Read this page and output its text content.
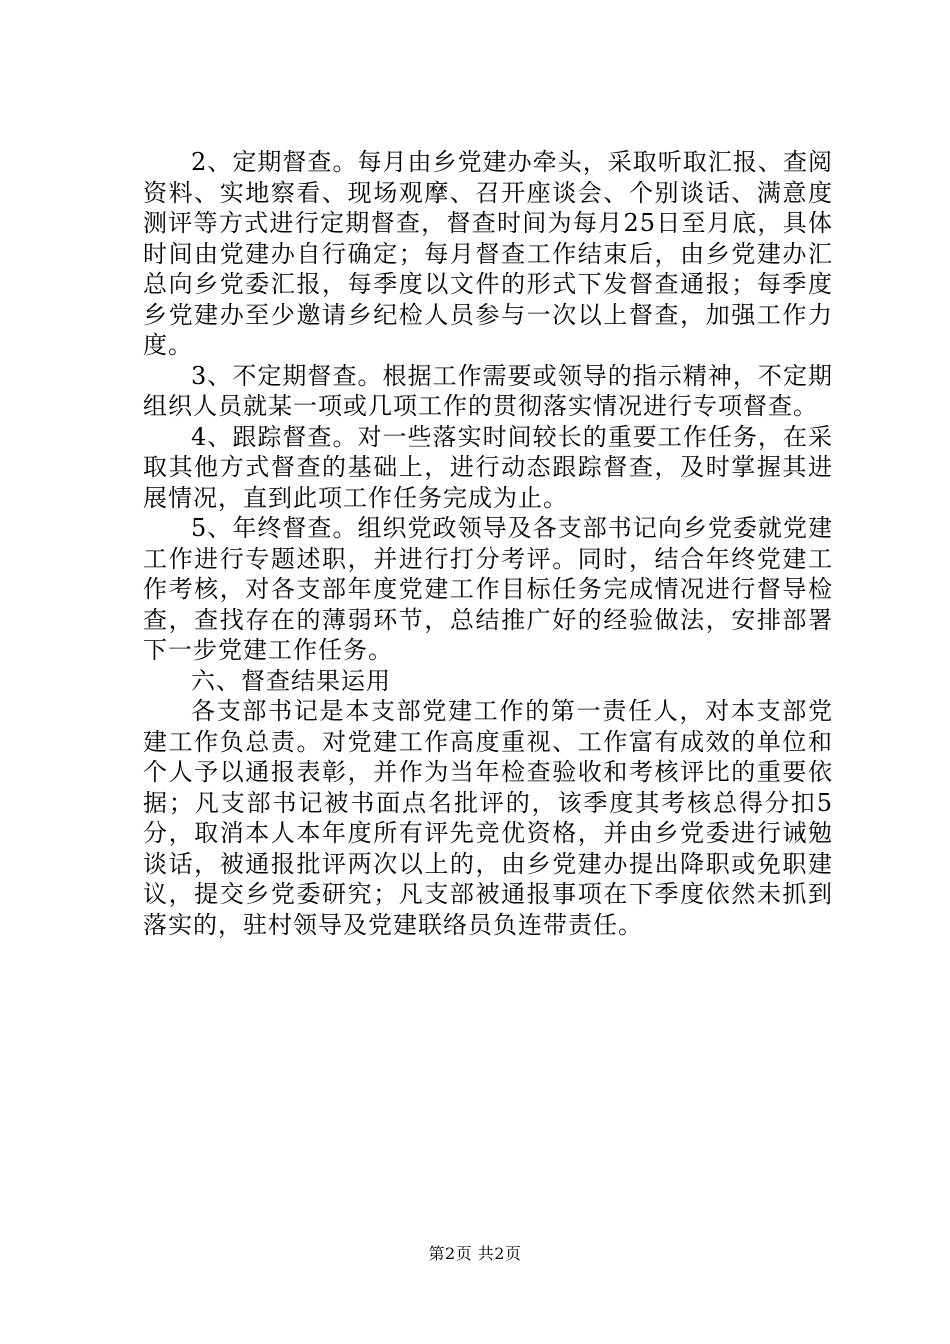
2、定期督查。每月由乡党建办牵头，采取听取汇报、查阅资料、实地察看、现场观摩、召开座谈会、个别谈话、满意度测评等方式进行定期督查，督查时间为每月25日至月底，具体时间由党建办自行确定；每月督查工作结束后，由乡党建办汇总向乡党委汇报，每季度以文件的形式下发督查通报；每季度乡党建办至少邀请乡纪检人员参与一次以上督查，加强工作力度。

3、不定期督查。根据工作需要或领导的指示精神，不定期组织人员就某一项或几项工作的贯彻落实情况进行专项督查。

4、跟踪督查。对一些落实时间较长的重要工作任务，在采取其他方式督查的基础上，进行动态跟踪督查，及时掌握其进展情况，直到此项工作任务完成为止。

5、年终督查。组织党政领导及各支部书记向乡党委就党建工作进行专题述职，并进行打分考评。同时，结合年终党建工作考核，对各支部年度党建工作目标任务完成情况进行督导检查，查找存在的薄弱环节，总结推广好的经验做法，安排部署下一步党建工作任务。

六、督查结果运用

各支部书记是本支部党建工作的第一责任人，对本支部党建工作负总责。对党建工作高度重视、工作富有成效的单位和个人予以通报表彰，并作为当年检查验收和考核评比的重要依据；凡支部书记被书面点名批评的，该季度其考核总得分扣5分，取消本人本年度所有评先竞优资格，并由乡党委进行诫勉谈话，被通报批评两次以上的，由乡党建办提出降职或免职建议，提交乡党委研究；凡支部被通报事项在下季度依然未抓到落实的，驻村领导及党建联络员负连带责任。

第2页 共2页
